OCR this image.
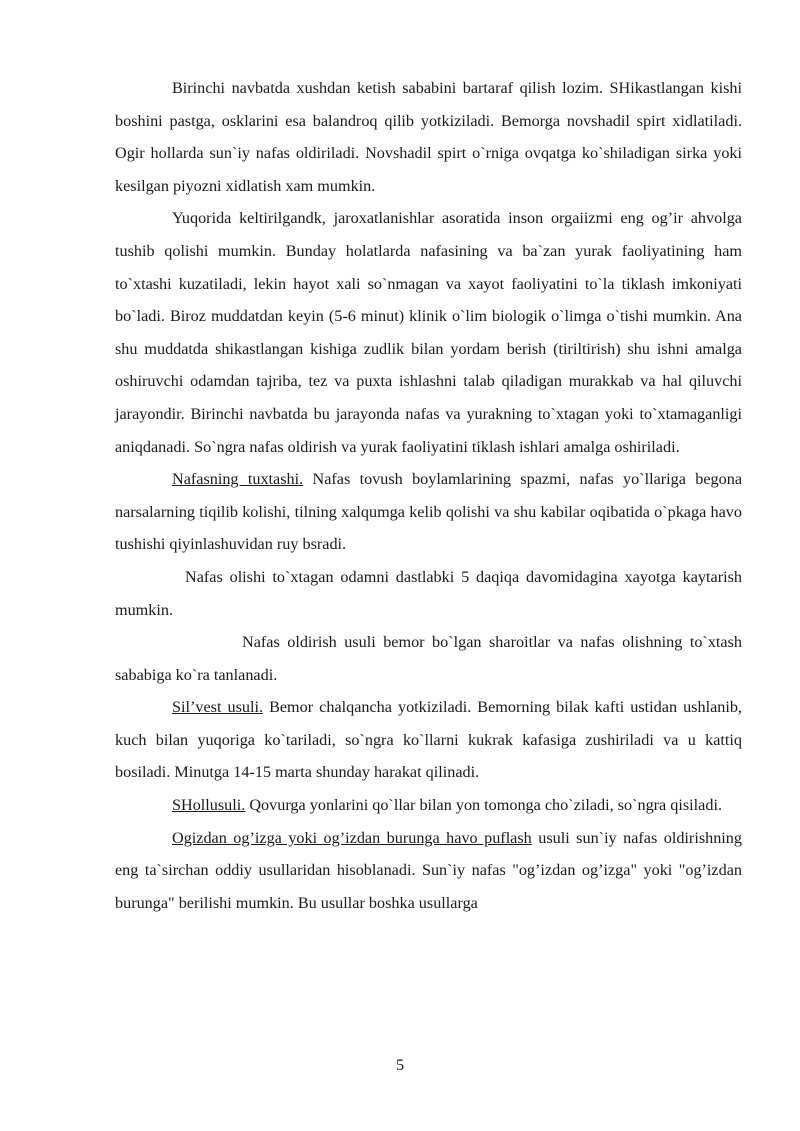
Birinchi navbatda xushdan ketish sababini bartaraf qilish lozim. SHikastlangan kishi boshini pastga, osklarini esa balandroq qilib yotkiziladi. Bemorga novshadil spirt xidlatiladi. Ogir hollarda sun`iy nafas oldiriladi. Novshadil spirt o`rniga ovqatga ko`shiladigan sirka yoki kesilgan piyozni xidlatish xam mumkin.

Yuqorida keltirilgandk, jaroxatlanishlar asoratida inson orgaiizmi eng og’ir ahvolga tushib qolishi mumkin. Bunday holatlarda nafasining va ba`zan yurak faoliyatining ham to`xtashi kuzatiladi, lekin hayot xali so`nmagan va xayot faoliyatini to`la tiklash imkoniyati bo`ladi. Biroz muddatdan keyin (5-6 minut) klinik o`lim biologik o`limga o`tishi mumkin. Ana shu muddatda shikastlangan kishiga zudlik bilan yordam berish (tiriltirish) shu ishni amalga oshiruvchi odamdan tajriba, tez va puxta ishlashni talab qiladigan murakkab va hal qiluvchi jarayondir. Birinchi navbatda bu jarayonda nafas va yurakning to`xtagan yoki to`xtamaganligi aniqdanadi. So`ngra nafas oldirish va yurak faoliyatini tiklash ishlari amalga oshiriladi.

Nafasning tuxtashi. Nafas tovush boylamlarining spazmi, nafas yo`llariga begona narsalarning tiqilib kolishi, tilning xalqumga kelib qolishi va shu kabilar oqibatida o`pkaga havo tushishi qiyinlashuvidan ruy bsradi.

Nafas olishi to`xtagan odamni dastlabki 5 daqiqa davomidagina xayotga kaytarish mumkin.

Nafas oldirish usuli bemor bo`lgan sharoitlar va nafas olishning to`xtash sababiga ko`ra tanlanadi.

Sil’vest usuli. Bemor chalqancha yotkiziladi. Bemorning bilak kafti ustidan ushlanib, kuch bilan yuqoriga ko`tariladi, so`ngra ko`llarni kukrak kafasiga zushiriladi va u kattiq bosiladi. Minutga 14-15 marta shunday harakat qilinadi.

SHollusuli. Qovurga yonlarini qo`llar bilan yon tomonga cho`ziladi, so`ngra qisiladi.

Ogizdan og’izga yoki og’izdan burunga havo puflash usuli sun`iy nafas oldirishning eng ta`sirchan oddiy usullaridan hisoblanadi. Sun`iy nafas "og’izdan og’izga" yoki "og’izdan burunga" berilishi mumkin. Bu usullar boshka usullarga

5
